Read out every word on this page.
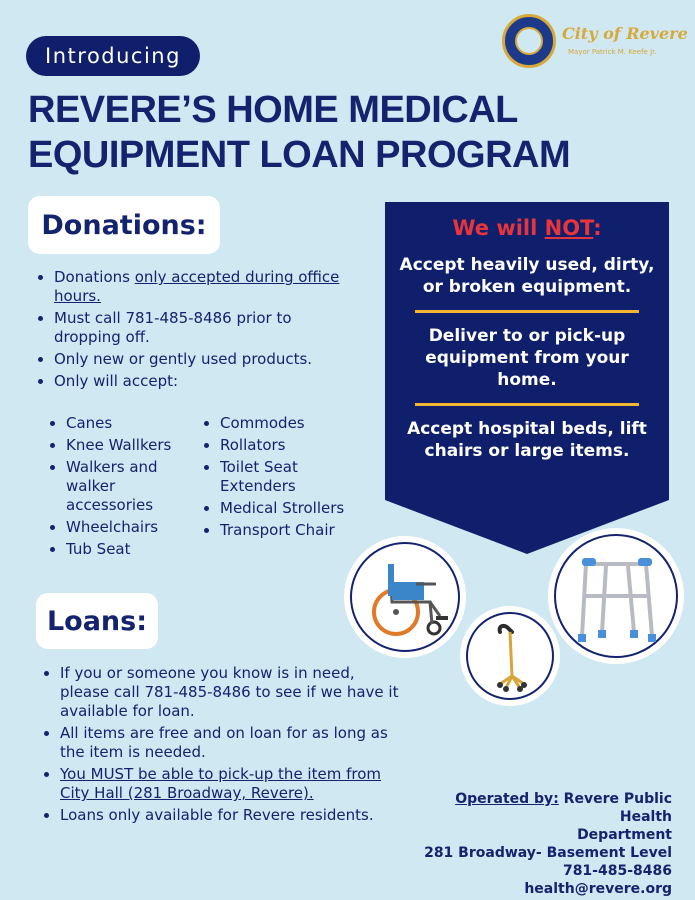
Introducing
City of Revere
Mayor Patrick M. Keefe Jr.
REVERE’S HOME MEDICAL
EQUIPMENT LOAN PROGRAM
Donations:
Donations only accepted during office hours.
Must call 781-485-8486 prior to dropping off.
Only new or gently used products.
Only will accept:
Canes
Knee Wallkers
Walkers and walker accessories
Wheelchairs
Tub Seat
Commodes
Rollators
Toilet Seat Extenders
Medical Strollers
Transport Chair
We will NOT:
Accept heavily used, dirty, or broken equipment.
Deliver to or pick-up equipment from your home.
Accept hospital beds, lift chairs or large items.
Loans:
If you or someone you know is in need, please call 781-485-8486 to see if we have it available for loan.
All items are free and on loan for as long as the item is needed.
You MUST be able to pick-up the item from City Hall (281 Broadway, Revere).
Loans only available for Revere residents.
Operated by: Revere Public Health
Department
281 Broadway- Basement Level
781-485-8486
health@revere.org
